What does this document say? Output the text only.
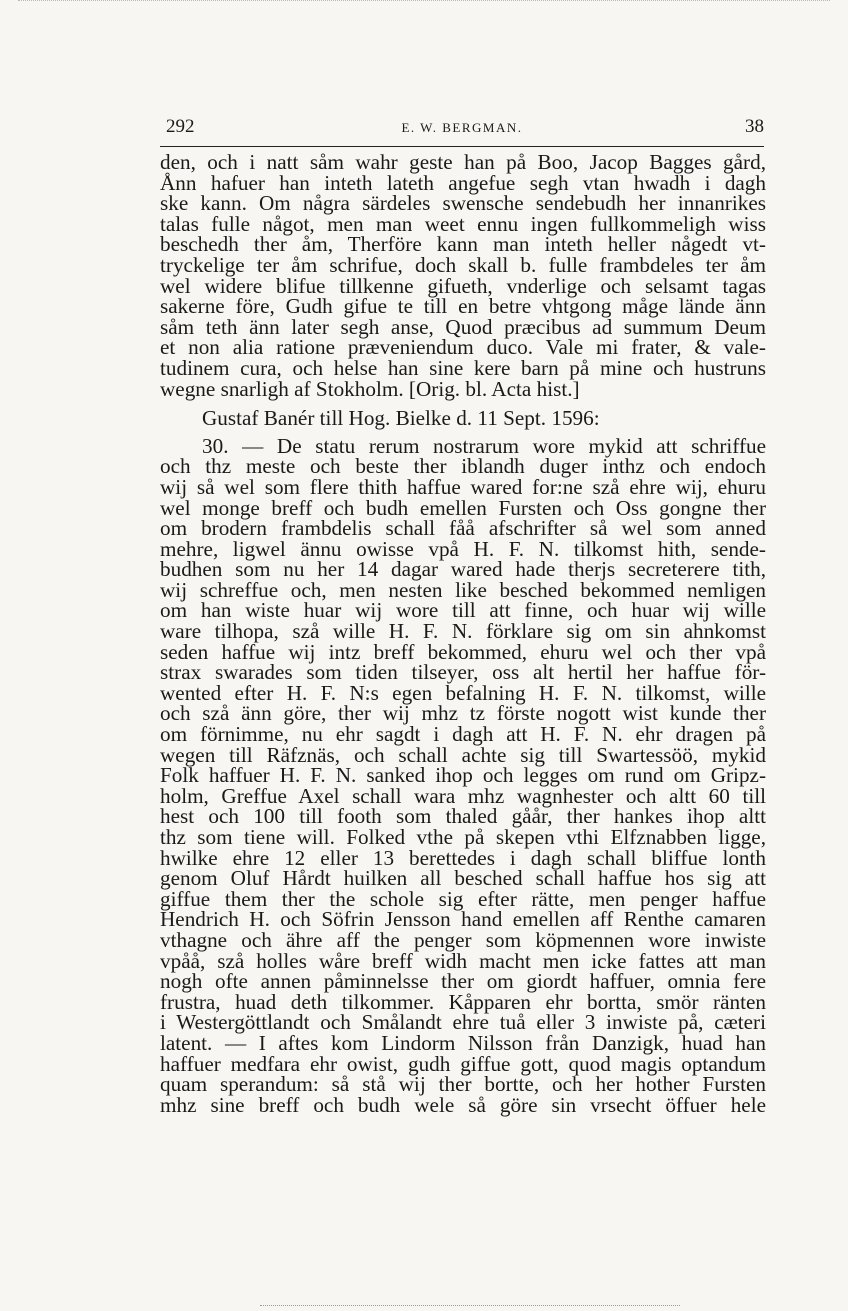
292	E. W. BERGMAN.	38
den, och i natt såm wahr geste han på Boo, Jacop Bagges gård,
Ånn hafuer han inteth lateth angefue segh vtan hwadh i dagh
ske kann. Om några särdeles swensche sendebudh her innanrikes
talas fulle något, men man weet ennu ingen fullkommeligh wiss
beschedh ther åm, Therföre kann man inteth heller någedt vt-
tryckelige ter åm schrifue, doch skall b. fulle frambdeles ter åm
wel widere blifue tillkenne gifueth, vnderlige och selsamt tagas
sakerne före, Gudh gifue te till en betre vhtgong måge lände änn
såm teth änn later segh anse, Quod præcibus ad summum Deum
et non alia ratione præveniendum duco. Vale mi frater, & vale-
tudinem cura, och helse han sine kere barn på mine och hustruns
wegne snarligh af Stokholm. [Orig. bl. Acta hist.]
Gustaf Banér till Hog. Bielke d. 11 Sept. 1596:
30. — De statu rerum nostrarum wore mykid att schriffue
och thz meste och beste ther iblandh duger inthz och endoch
wij så wel som flere thith haffue wared for:ne szå ehre wij, ehuru
wel monge breff och budh emellen Fursten och Oss gongne ther
om brodern frambdelis schall fåå afschrifter så wel som anned
mehre, ligwel ännu owisse vpå H. F. N. tilkomst hith, sende-
budhen som nu her 14 dagar wared hade therjs secreterere tith,
wij schreffue och, men nesten like besched bekommed nemligen
om han wiste huar wij wore till att finne, och huar wij wille
ware tilhopa, szå wille H. F. N. förklare sig om sin ahnkomst
seden haffue wij intz breff bekommed, ehuru wel och ther vpå
strax swarades som tiden tilseyer, oss alt hertil her haffue för-
wented efter H. F. N:s egen befalning H. F. N. tilkomst, wille
och szå änn göre, ther wij mhz tz förste nogott wist kunde ther
om förnimme, nu ehr sagdt i dagh att H. F. N. ehr dragen på
wegen till Räfznäs, och schall achte sig till Swartessöö, mykid
Folk haffuer H. F. N. sanked ihop och legges om rund om Gripz-
holm, Greffue Axel schall wara mhz wagnhester och altt 60 till
hest och 100 till footh som thaled gåår, ther hankes ihop altt
thz som tiene will. Folked vthe på skepen vthi Elfznabben ligge,
hwilke ehre 12 eller 13 berettedes i dagh schall bliffue lonth
genom Oluf Hårdt huilken all besched schall haffue hos sig att
giffue them ther the schole sig efter rätte, men penger haffue
Hendrich H. och Söfrin Jensson hand emellen aff Renthe camaren
vthagne och ähre aff the penger som köpmennen wore inwiste
vpåå, szå holles wåre breff widh macht men icke fattes att man
nogh ofte annen påminnelsse ther om giordt haffuer, omnia fere
frustra, huad deth tilkommer. Kåpparen ehr bortta, smör ränten
i Westergöttlandt och Smålandt ehre tuå eller 3 inwiste på, cæteri
latent. — I aftes kom Lindorm Nilsson från Danzigk, huad han
haffuer medfara ehr owist, gudh giffue gott, quod magis optandum
quam sperandum: så stå wij ther bortte, och her hother Fursten
mhz sine breff och budh wele så göre sin vrsecht öffuer hele
